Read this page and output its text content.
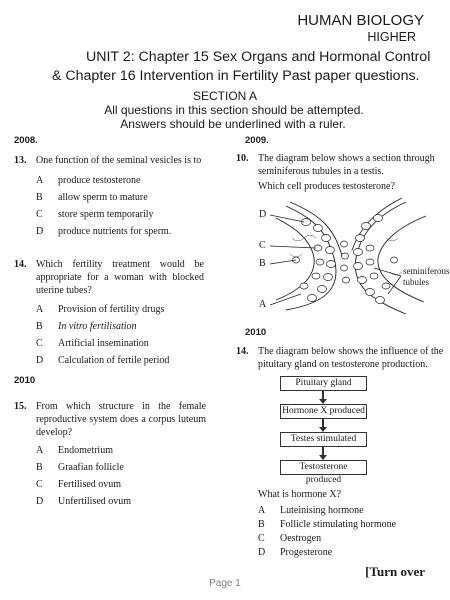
HUMAN BIOLOGY
HIGHER
UNIT 2: Chapter 15 Sex Organs and Hormonal Control & Chapter 16 Intervention in Fertility Past paper questions.
SECTION A
All questions in this section should be attempted.
Answers should be underlined with a ruler.
2008.
13. One function of the seminal vesicles is to
A produce testosterone
B allow sperm to mature
C store sperm temporarily
D produce nutrients for sperm.
14. Which fertility treatment would be appropriate for a woman with blocked uterine tubes?
A Provision of fertility drugs
B In vitro fertilisation
C Artificial insemination
D Calculation of fertile period
2010
15. From which structure in the female reproductive system does a corpus luteum develop?
A Endometrium
B Graafian follicle
C Fertilised ovum
D Unfertilised ovum
2009.
10. The diagram below shows a section through seminiferous tubules in a testis.
Which cell produces testosterone?
D
C
B
A
seminiferous tubules
2010
14. The diagram below shows the influence of the pituitary gland on testosterone production.
Pituitary gland
Hormone X produced
Testes stimulated
Testosterone produced
What is hormone X?
A Luteinising hormone
B Follicle stimulating hormone
C Oestrogen
D Progesterone
[Turn over
Page 1
